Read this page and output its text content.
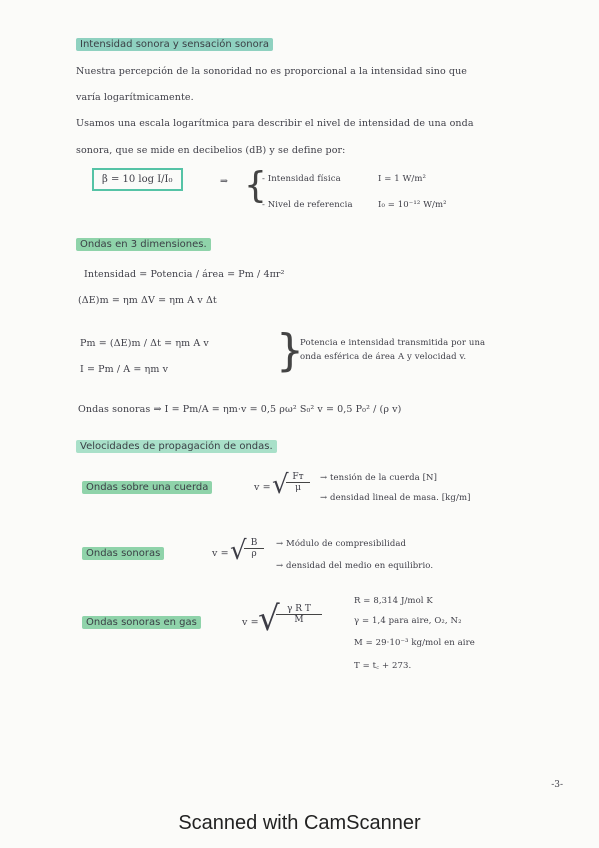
Intensidad sonora y sensación sonora
Nuestra percepción de la sonoridad no es proporcional a la intensidad sino que
varía logarítmicamente.
Usamos una escala logarítmica para describir el nivel de intensidad de una onda
sonora, que se mide en decibelios (dB) y se define por:
β = 10 log I/I₀	⇒ {
- Intensidad física	I = 1 W/m²
- Nivel de referencia	I₀ = 10⁻¹² W/m²
Ondas en 3 dimensiones.
Intensidad = Potencia / área = Pm / 4πr²
(ΔE)m = ηm ΔV = ηm A v Δt
Pm = (ΔE)m / Δt = ηm A v
I = Pm / A = ηm v }
Potencia e intensidad transmitida por una
onda esférica de área A y velocidad v.
Ondas sonoras ⇒ I = Pm/A = ηm·v = 0,5 ρω² S₀² v = 0,5 P₀² / (ρ v)
Velocidades de propagación de ondas.
Ondas sobre una cuerda	v = √
$\frac{\text{Fᴛ}}{\mu}$ → tensión de la cuerda [N]
→ densidad lineal de masa. [kg/m]
Ondas sonoras	v = √
$\frac{B}{\rho}$ → Módulo de compresibilidad
→ densidad del medio en equilibrio.
Ondas sonoras en gas	v = √
$\frac{\text{γ R T}}{M}$
R = 8,314 J/mol K
γ = 1,4 para aire, O₂, N₂
M = 29·10⁻³ kg/mol en aire
T = t꜀ + 273.
-3-
Scanned with CamScanner
